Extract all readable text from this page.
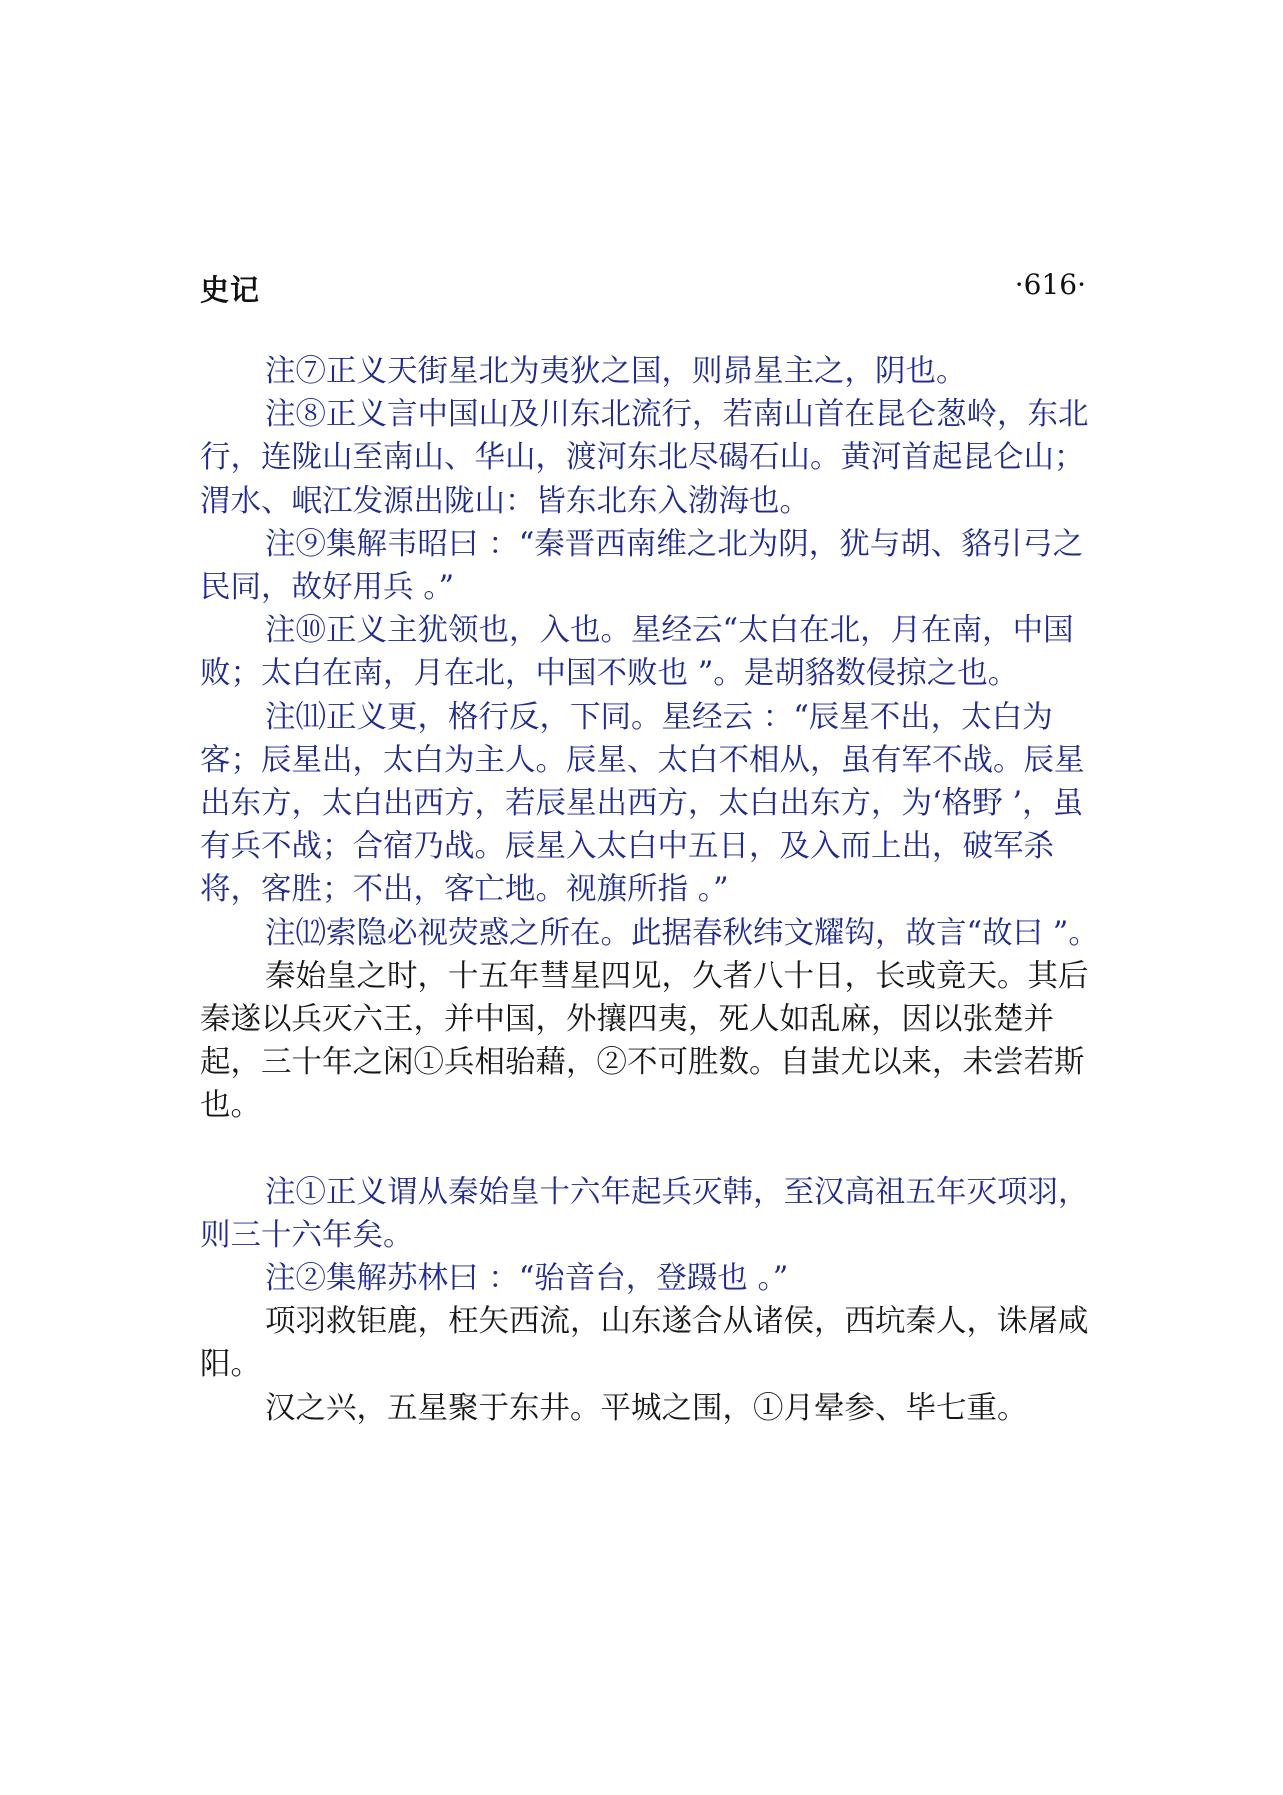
史记	·616·

注⑦正义天街星北为夷狄之国，则昴星主之，阴也。

注⑧正义言中国山及川东北流行，若南山首在昆仑葱岭，东北行，连陇山至南山、华山，渡河东北尽碣石山。黄河首起昆仑山；渭水、岷江发源出陇山：皆东北东入渤海也。

注⑨集解韦昭曰 ：“秦晋西南维之北为阴，犹与胡、貉引弓之民同，故好用兵 。”

注⑩正义主犹领也，入也。星经云“太白在北，月在南，中国败；太白在南，月在北，中国不败也 ”。是胡貉数侵掠之也。

注⑾正义更，格行反，下同。星经云 ：“辰星不出，太白为客；辰星出，太白为主人。辰星、太白不相从，虽有军不战。辰星出东方，太白出西方，若辰星出西方，太白出东方，为‘格野 ’，虽有兵不战；合宿乃战。辰星入太白中五日，及入而上出，破军杀将，客胜；不出，客亡地。视旗所指 。”

注⑿索隐必视荧惑之所在。此据春秋纬文耀钩，故言“故曰 ”。

秦始皇之时，十五年彗星四见，久者八十日，长或竟天。其后秦遂以兵灭六王，并中国，外攘四夷，死人如乱麻，因以张楚并起，三十年之闲①兵相骀藉，②不可胜数。自蚩尤以来，未尝若斯也。

注①正义谓从秦始皇十六年起兵灭韩，至汉高祖五年灭项羽，则三十六年矣。

注②集解苏林曰 ：“骀音台，登蹑也 。”

项羽救钜鹿，枉矢西流，山东遂合从诸侯，西坑秦人，诛屠咸阳。

汉之兴，五星聚于东井。平城之围，①月晕参、毕七重。
